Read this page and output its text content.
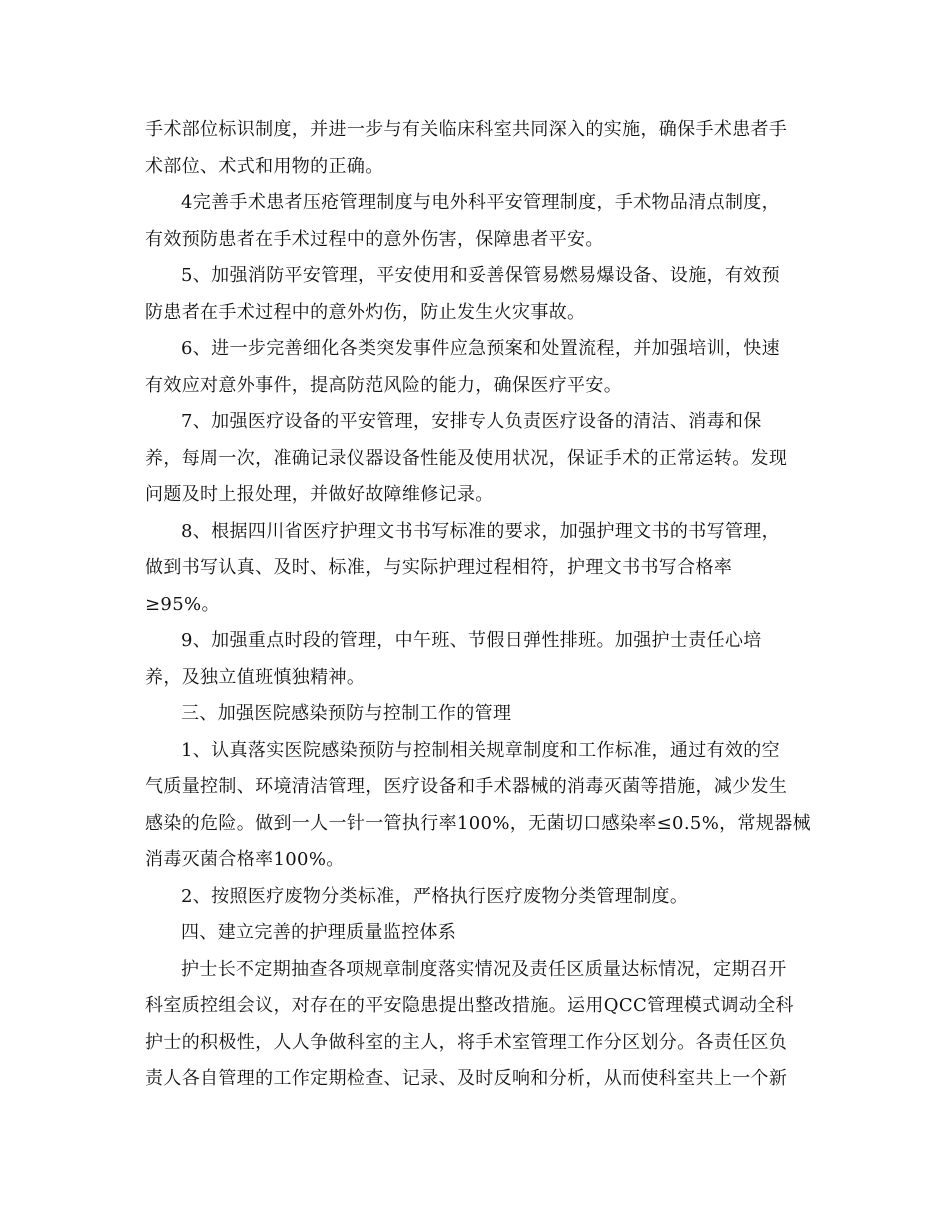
手术部位标识制度，并进一步与有关临床科室共同深入的实施，确保手术患者手
术部位、术式和用物的正确。
4完善手术患者压疮管理制度与电外科平安管理制度，手术物品清点制度，
有效预防患者在手术过程中的意外伤害，保障患者平安。
5、加强消防平安管理，平安使用和妥善保管易燃易爆设备、设施，有效预
防患者在手术过程中的意外灼伤，防止发生火灾事故。
6、进一步完善细化各类突发事件应急预案和处置流程，并加强培训，快速
有效应对意外事件，提高防范风险的能力，确保医疗平安。
7、加强医疗设备的平安管理，安排专人负责医疗设备的清洁、消毒和保
养，每周一次，准确记录仪器设备性能及使用状况，保证手术的正常运转。发现
问题及时上报处理，并做好故障维修记录。
8、根据四川省医疗护理文书书写标准的要求，加强护理文书的书写管理，
做到书写认真、及时、标准，与实际护理过程相符，护理文书书写合格率
≥95%。
9、加强重点时段的管理，中午班、节假日弹性排班。加强护士责任心培
养，及独立值班慎独精神。
三、加强医院感染预防与控制工作的管理
1、认真落实医院感染预防与控制相关规章制度和工作标准，通过有效的空
气质量控制、环境清洁管理，医疗设备和手术器械的消毒灭菌等措施，减少发生
感染的危险。做到一人一针一管执行率100%，无菌切口感染率≤0.5%，常规器械
消毒灭菌合格率100%。
2、按照医疗废物分类标准，严格执行医疗废物分类管理制度。
四、建立完善的护理质量监控体系
护士长不定期抽查各项规章制度落实情况及责任区质量达标情况，定期召开
科室质控组会议，对存在的平安隐患提出整改措施。运用QCC管理模式调动全科
护士的积极性，人人争做科室的主人，将手术室管理工作分区划分。各责任区负
责人各自管理的工作定期检查、记录、及时反响和分析，从而使科室共上一个新
